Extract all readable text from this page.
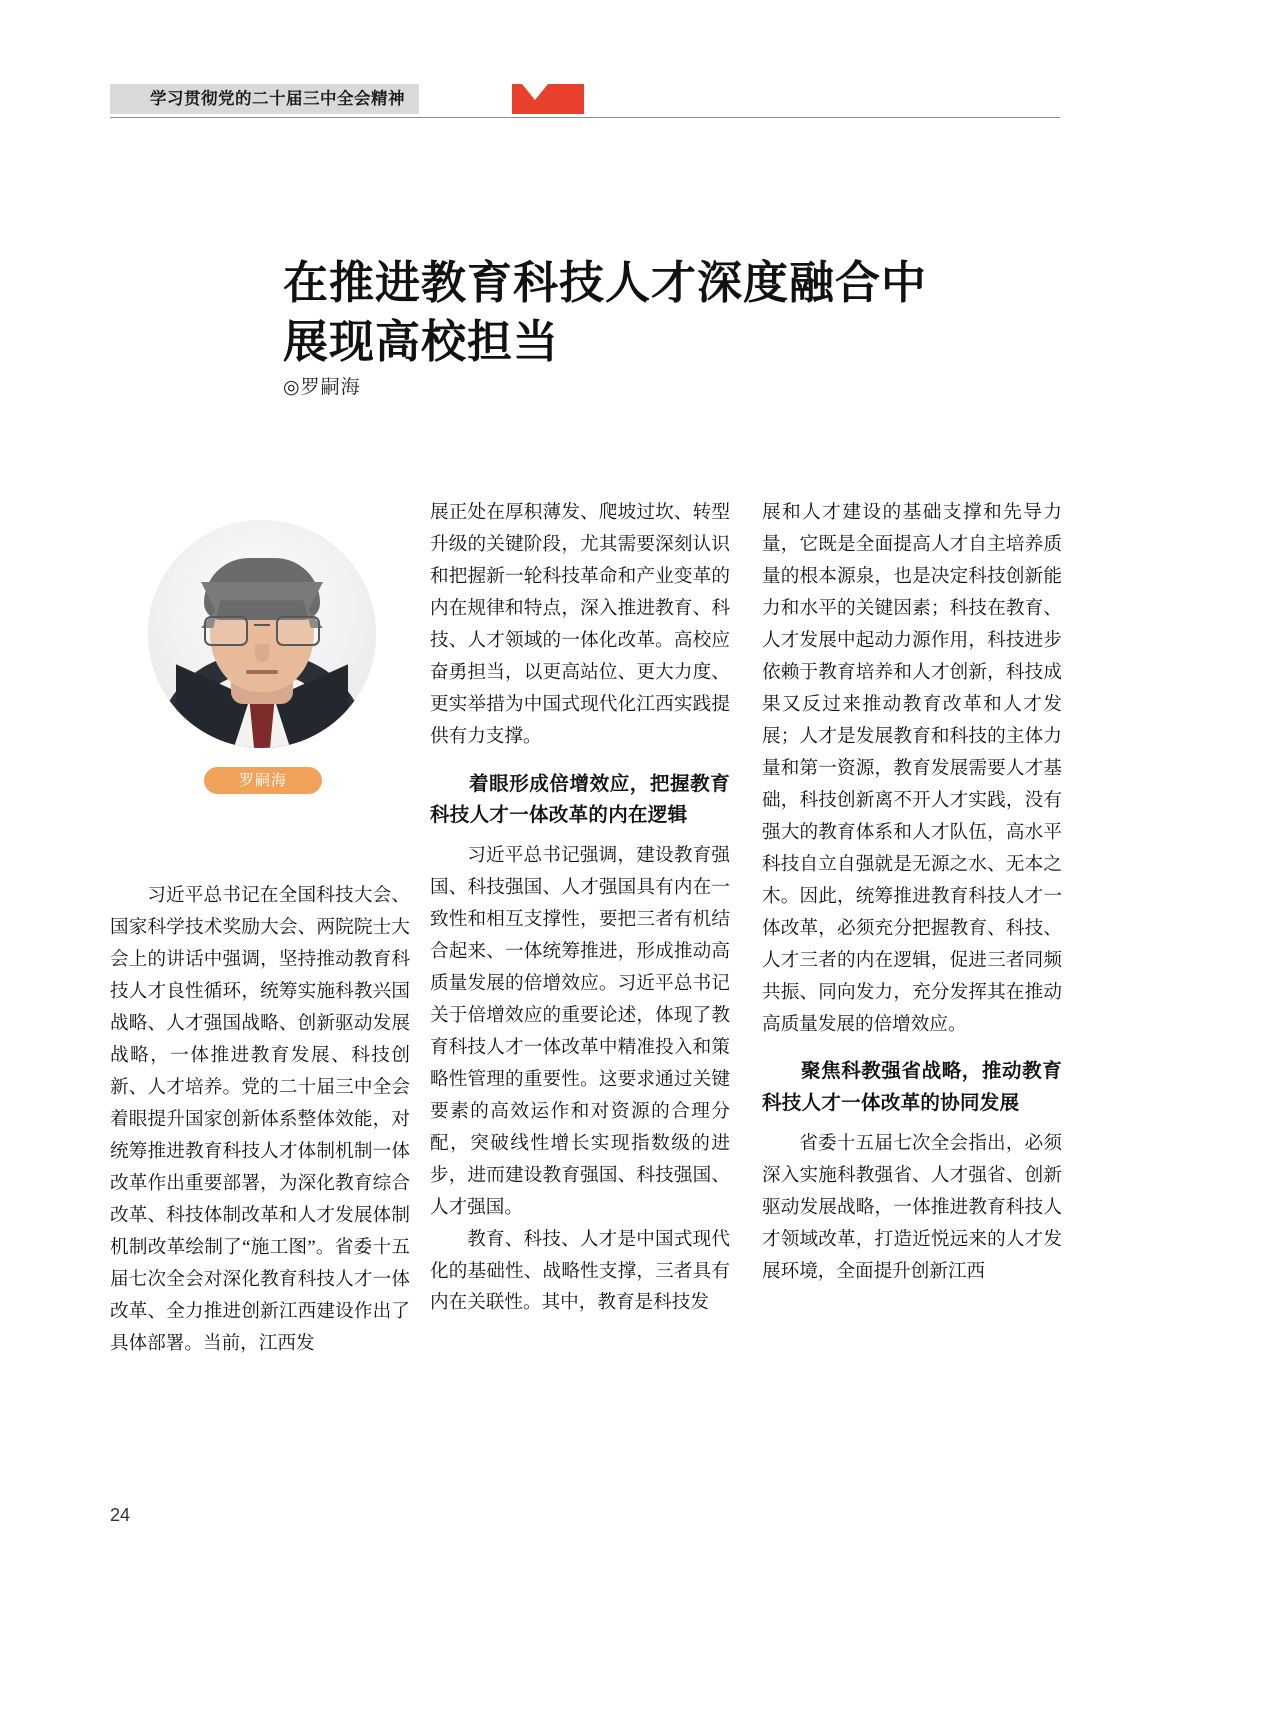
学习贯彻党的二十届三中全会精神
在推进教育科技人才深度融合中
展现高校担当
◎罗嗣海
罗嗣海

习近平总书记在全国科技大会、国家科学技术奖励大会、两院院士大会上的讲话中强调，坚持推动教育科技人才良性循环，统筹实施科教兴国战略、人才强国战略、创新驱动发展战略，一体推进教育发展、科技创新、人才培养。党的二十届三中全会着眼提升国家创新体系整体效能，对统筹推进教育科技人才体制机制一体改革作出重要部署，为深化教育综合改革、科技体制改革和人才发展体制机制改革绘制了“施工图”。省委十五届七次全会对深化教育科技人才一体改革、全力推进创新江西建设作出了具体部署。当前，江西发

展正处在厚积薄发、爬坡过坎、转型升级的关键阶段，尤其需要深刻认识和把握新一轮科技革命和产业变革的内在规律和特点，深入推进教育、科技、人才领域的一体化改革。高校应奋勇担当，以更高站位、更大力度、更实举措为中国式现代化江西实践提供有力支撑。

着眼形成倍增效应，把握教育科技人才一体改革的内在逻辑

习近平总书记强调，建设教育强国、科技强国、人才强国具有内在一致性和相互支撑性，要把三者有机结合起来、一体统筹推进，形成推动高质量发展的倍增效应。习近平总书记关于倍增效应的重要论述，体现了教育科技人才一体改革中精准投入和策略性管理的重要性。这要求通过关键要素的高效运作和对资源的合理分配，突破线性增长实现指数级的进步，进而建设教育强国、科技强国、人才强国。

教育、科技、人才是中国式现代化的基础性、战略性支撑，三者具有内在关联性。其中，教育是科技发

展和人才建设的基础支撑和先导力量，它既是全面提高人才自主培养质量的根本源泉，也是决定科技创新能力和水平的关键因素；科技在教育、人才发展中起动力源作用，科技进步依赖于教育培养和人才创新，科技成果又反过来推动教育改革和人才发展；人才是发展教育和科技的主体力量和第一资源，教育发展需要人才基础，科技创新离不开人才实践，没有强大的教育体系和人才队伍，高水平科技自立自强就是无源之水、无本之木。因此，统筹推进教育科技人才一体改革，必须充分把握教育、科技、人才三者的内在逻辑，促进三者同频共振、同向发力，充分发挥其在推动高质量发展的倍增效应。

聚焦科教强省战略，推动教育科技人才一体改革的协同发展

省委十五届七次全会指出，必须深入实施科教强省、人才强省、创新驱动发展战略，一体推进教育科技人才领域改革，打造近悦远来的人才发展环境，全面提升创新江西

24
